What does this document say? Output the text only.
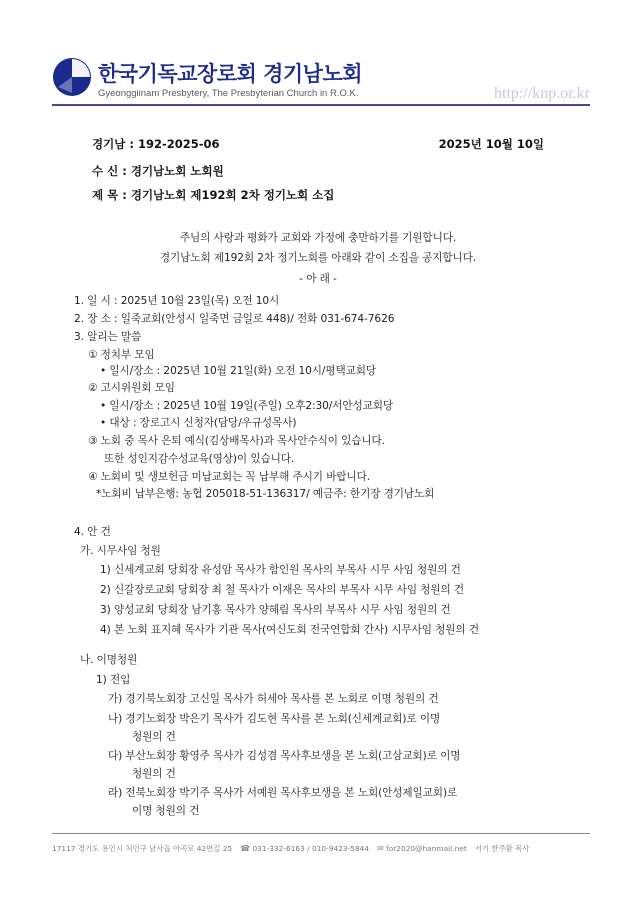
한국기독교장로회 경기남노회
Gyeonggiinam Presbytery, The Presbyterian Church in R.O.K.	http://knp.or.kr
경기남 : 192-2025-06	2025년 10월 10일
수 신 : 경기남노회 노회원
제 목 : 경기남노회 제192회 2차 정기노회 소집
주님의 사랑과 평화가 교회와 가정에 충만하기를 기원합니다.
경기남노회 제192회 2차 정기노회를 아래와 같이 소집을 공지합니다.
- 아 래 -
1. 일 시 : 2025년 10월 23일(목) 오전 10시
2. 장 소 : 일죽교회(안성시 일죽면 금일로 448)/ 전화 031-674-7626
3. 알리는 말씀
① 정치부 모임
• 일시/장소 : 2025년 10월 21일(화) 오전 10시/평택교회당
② 고시위원회 모임
• 일시/장소 : 2025년 10월 19일(주일) 오후2:30/서안성교회당
• 대상 : 장로고시 신청자(담당/우규성목사)
③ 노회 중 목사 은퇴 예식(김상배목사)과 목사안수식이 있습니다.
또한 성인지감수성교육(영상)이 있습니다.
④ 노회비 및 생보헌금 미납교회는 꼭 납부해 주시기 바랍니다.
*노회비 납부은행: 농협 205018-51-136317/ 예금주: 한기장 경기남노회
4. 안 건
가. 시무사임 청원
1) 신세계교회 당회장 유성암 목사가 함인원 목사의 부목사 시무 사임 청원의 건
2) 신갈장로교회 당회장 최 철 목사가 이재은 목사의 부목사 시무 사임 청원의 건
3) 양성교회 당회장 남기홍 목사가 양혜림 목사의 부목사 시무 사임 청원의 건
4) 본 노회 표지혜 목사가 기관 목사(여신도회 전국연합회 간사) 시무사임 청원의 건
나. 이명청원
1) 전입
가) 경기북노회장 고신일 목사가 허세아 목사를 본 노회로 이명 청원의 건
나) 경기노회장 박은기 목사가 김도현 목사를 본 노회(신세계교회)로 이명
청원의 건
다) 부산노회장 황영주 목사가 김성겸 목사후보생을 본 노회(고삼교회)로 이명
청원의 건
라) 전북노회장 박기주 목사가 서예원 목사후보생을 본 노회(안성제일교회)로
이명 청원의 건
17117 경기도 용인시 처인구 남사읍 아곡로 42번길 25 ☎ 031-332-6163 / 010-9423-5844 ✉ for2020@hanmail.net 서기 한주환 목사
